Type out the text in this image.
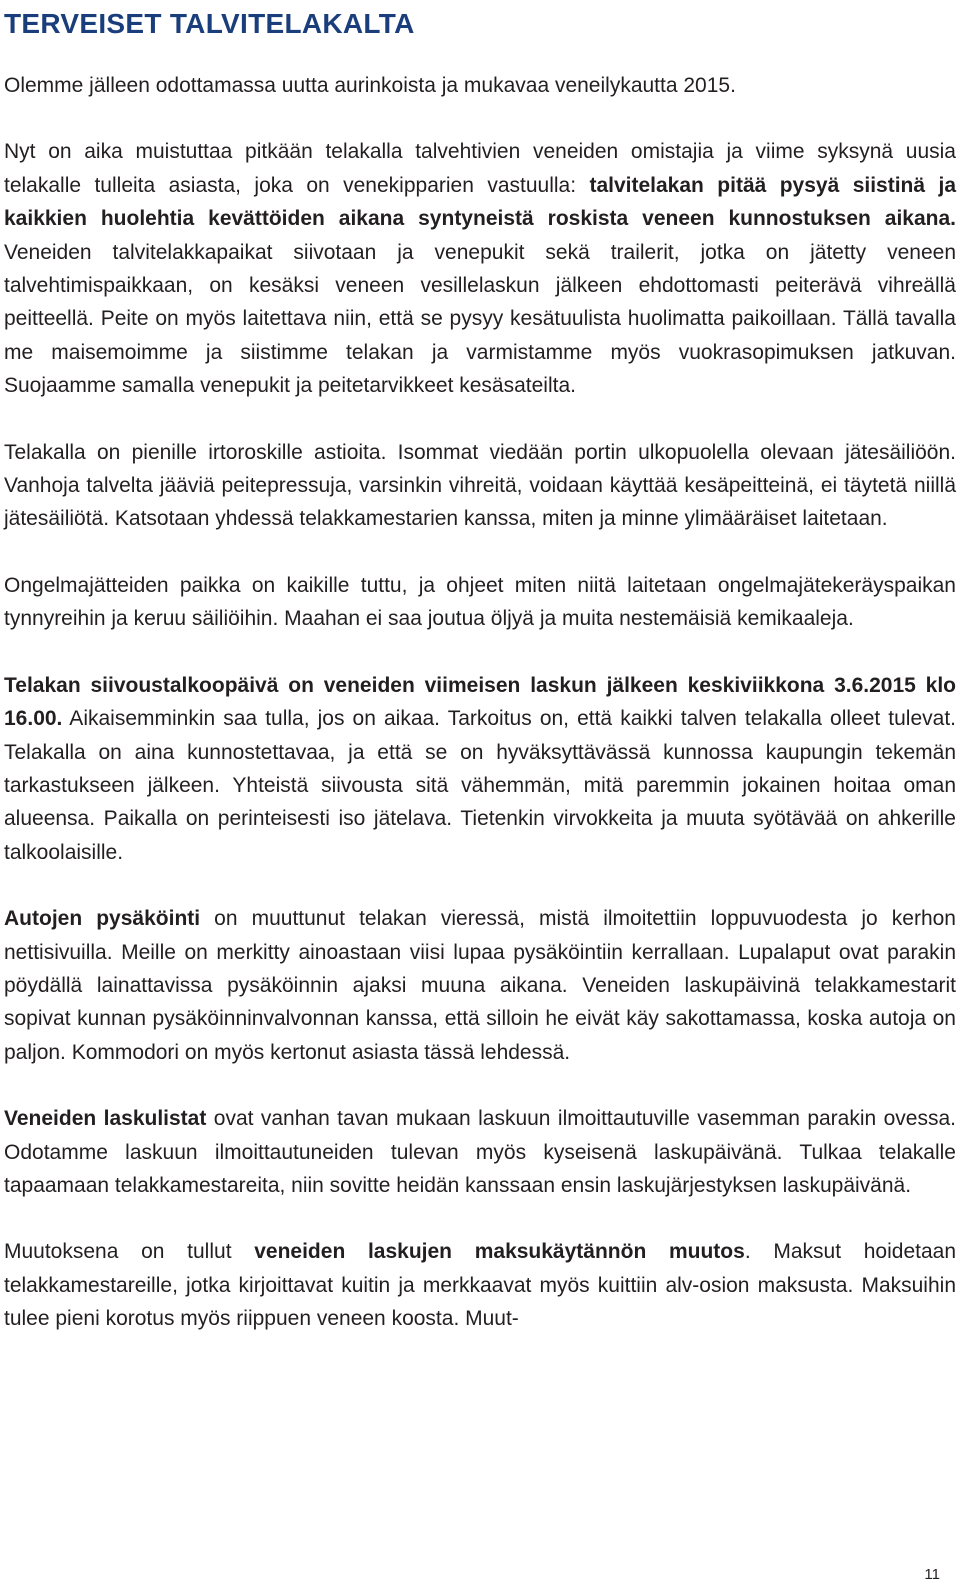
TERVEISET TALVITELAKALTA

Olemme jälleen odottamassa uutta aurinkoista ja mukavaa veneilykautta 2015.

Nyt on aika muistuttaa pitkään telakalla talvehtivien veneiden omistajia ja viime syksynä uusia telakalle tulleita asiasta, joka on venekipparien vastuulla: talvitelakan pitää pysyä siistinä ja kaikkien huolehtia kevättöiden aikana syntyneistä roskista veneen kunnostuksen aikana. Veneiden talvitelakkapaikat siivotaan ja venepukit sekä trailerit, jotka on jätetty veneen talvehtimispaikkaan, on kesäksi veneen vesillelaskun jälkeen ehdottomasti peiterävä vihreällä peitteellä. Peite on myös laitettava niin, että se pysyy kesätuulista huolimatta paikoillaan. Tällä tavalla me maisemoimme ja siistimme telakan ja varmistamme myös vuokrasopimuksen jatkuvan. Suojaamme samalla venepukit ja peitetarvikkeet kesäsateilta.

Telakalla on pienille irtoroskille astioita. Isommat viedään portin ulkopuolella olevaan jätesäiliöön. Vanhoja talvelta jääviä peitepressuja, varsinkin vihreitä, voidaan käyttää kesäpeitteinä, ei täytetä niillä jätesäiliötä. Katsotaan yhdessä telakkamestarien kanssa, miten ja minne ylimääräiset laitetaan.

Ongelmajätteiden paikka on kaikille tuttu, ja ohjeet miten niitä laitetaan ongelmajätekeräyspaikan tynnyreihin ja keruu säiliöihin. Maahan ei saa joutua öljyä ja muita nestemäisiä kemikaaleja.

Telakan siivoustalkoopäivä on veneiden viimeisen laskun jälkeen keskiviikkona 3.6.2015 klo 16.00. Aikaisemminkin saa tulla, jos on aikaa. Tarkoitus on, että kaikki talven telakalla olleet tulevat. Telakalla on aina kunnostettavaa, ja että se on hyväksyttävässä kunnossa kaupungin tekemän tarkastukseen jälkeen. Yhteistä siivousta sitä vähemmän, mitä paremmin jokainen hoitaa oman alueensa. Paikalla on perinteisesti iso jätelava. Tietenkin virvokkeita ja muuta syötävää on ahkerille talkoolaisille.

Autojen pysäköinti on muuttunut telakan vieressä, mistä ilmoitettiin loppuvuodesta jo kerhon nettisivuilla. Meille on merkitty ainoastaan viisi lupaa pysäköintiin kerrallaan. Lupalaput ovat parakin pöydällä lainattavissa pysäköinnin ajaksi muuna aikana. Veneiden laskupäivinä telakkamestarit sopivat kunnan pysäköinninvalvonnan kanssa, että silloin he eivät käy sakottamassa, koska autoja on paljon. Kommodori on myös kertonut asiasta tässä lehdessä.

Veneiden laskulistat ovat vanhan tavan mukaan laskuun ilmoittautuville vasemman parakin ovessa. Odotamme laskuun ilmoittautuneiden tulevan myös kyseisenä laskupäivänä. Tulkaa telakalle tapaamaan telakkamestareita, niin sovitte heidän kanssaan ensin laskujärjestyksen laskupäivänä.

Muutoksena on tullut veneiden laskujen maksukäytännön muutos. Maksut hoidetaan telakkamestareille, jotka kirjoittavat kuitin ja merkkaavat myös kuittiin alv-osion maksusta. Maksuihin tulee pieni korotus myös riippuen veneen koosta. Muut-

11
